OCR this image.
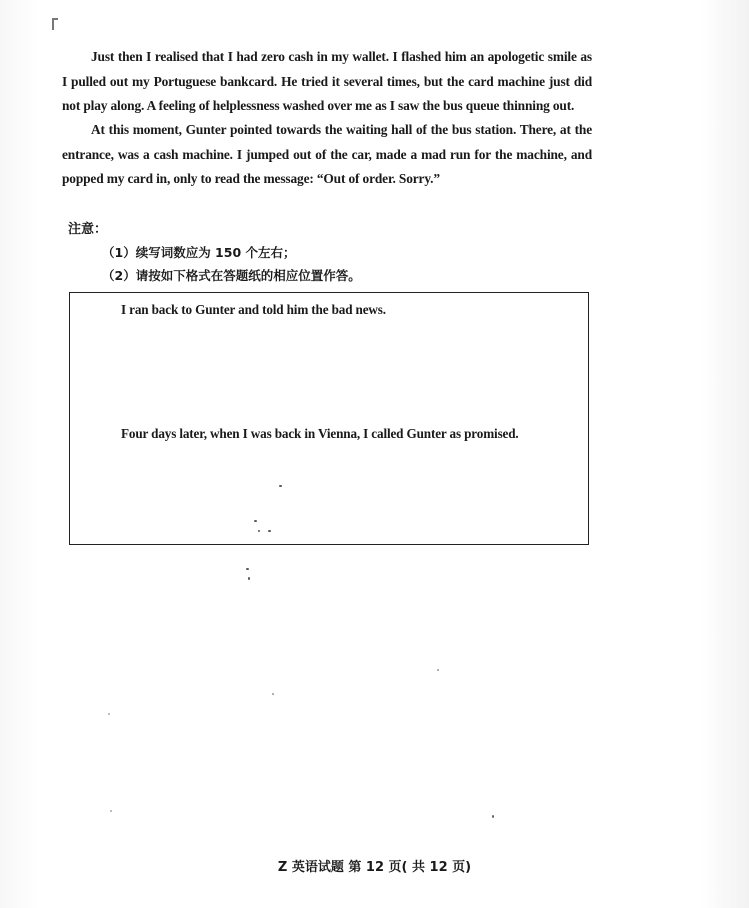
Just then I realised that I had zero cash in my wallet. I flashed him an apologetic smile as I pulled out my Portuguese bankcard. He tried it several times, but the card machine just did not play along. A feeling of helplessness washed over me as I saw the bus queue thinning out.

At this moment, Gunter pointed towards the waiting hall of the bus station. There, at the entrance, was a cash machine. I jumped out of the car, made a mad run for the machine, and popped my card in, only to read the message: “Out of order. Sorry.”

注意：

（1）续写词数应为 150 个左右；

（2）请按如下格式在答题纸的相应位置作答。

I ran back to Gunter and told him the bad news.

Four days later, when I was back in Vienna, I called Gunter as promised.

Z 英语试题 第 12 页( 共 12 页)
